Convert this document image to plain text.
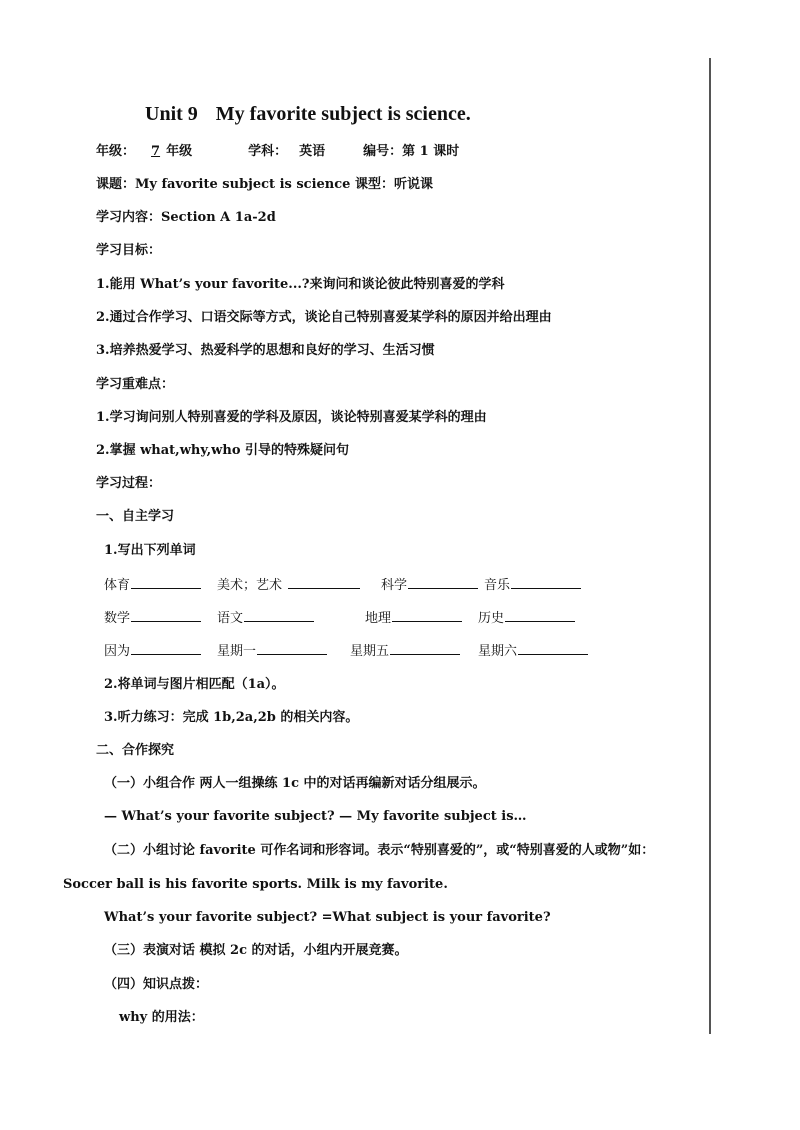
Unit 9 My favorite subject is science.
年级： 7 年级	学科： 英语	编号：第 1 课时
课题：My favorite subject is science 课型：听说课
学习内容：Section A 1a-2d
学习目标：
1.能用 What’s your favorite...?来询问和谈论彼此特别喜爱的学科
2.通过合作学习、口语交际等方式，谈论自己特别喜爱某学科的原因并给出理由
3.培养热爱学习、热爱科学的思想和良好的学习、生活习惯
学习重难点：
1.学习询问别人特别喜爱的学科及原因，谈论特别喜爱某学科的理由
2.掌握 what,why,who 引导的特殊疑问句
学习过程：
一、自主学习
1.写出下列单词
体育	美术；艺术	科学	音乐
数学	语文	地理	历史
因为	星期一	星期五	星期六
2.将单词与图片相匹配（1a）。
3.听力练习：完成 1b,2a,2b 的相关内容。
二、合作探究
（一）小组合作 两人一组操练 1c 中的对话再编新对话分组展示。
— What’s your favorite subject? — My favorite subject is…
（二）小组讨论 favorite 可作名词和形容词。表示“特别喜爱的”，或“特别喜爱的人或物”如：
Soccer ball is his favorite sports. Milk is my favorite.
What’s your favorite subject? =What subject is your favorite?
（三）表演对话 模拟 2c 的对话，小组内开展竞赛。
（四）知识点拨：
why 的用法：
